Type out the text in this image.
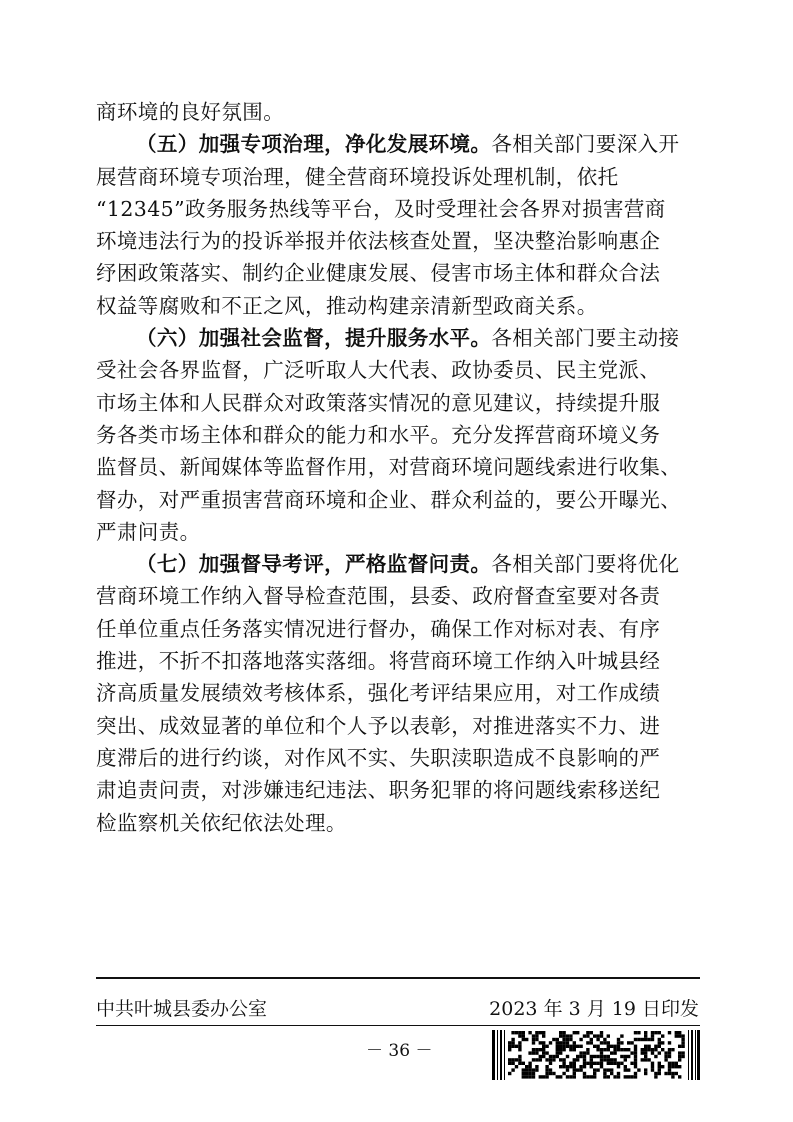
商环境的良好氛围。
（五）加强专项治理，净化发展环境。各相关部门要深入开
展营商环境专项治理，健全营商环境投诉处理机制，依托
“12345”政务服务热线等平台，及时受理社会各界对损害营商
环境违法行为的投诉举报并依法核查处置，坚决整治影响惠企
纾困政策落实、制约企业健康发展、侵害市场主体和群众合法
权益等腐败和不正之风，推动构建亲清新型政商关系。
（六）加强社会监督，提升服务水平。各相关部门要主动接
受社会各界监督，广泛听取人大代表、政协委员、民主党派、
市场主体和人民群众对政策落实情况的意见建议，持续提升服
务各类市场主体和群众的能力和水平。充分发挥营商环境义务
监督员、新闻媒体等监督作用，对营商环境问题线索进行收集、
督办，对严重损害营商环境和企业、群众利益的，要公开曝光、
严肃问责。
（七）加强督导考评，严格监督问责。各相关部门要将优化
营商环境工作纳入督导检查范围，县委、政府督查室要对各责
任单位重点任务落实情况进行督办，确保工作对标对表、有序
推进，不折不扣落地落实落细。将营商环境工作纳入叶城县经
济高质量发展绩效考核体系，强化考评结果应用，对工作成绩
突出、成效显著的单位和个人予以表彰，对推进落实不力、进
度滞后的进行约谈，对作风不实、失职渎职造成不良影响的严
肃追责问责，对涉嫌违纪违法、职务犯罪的将问题线索移送纪
检监察机关依纪依法处理。
中共叶城县委办公室	2023 年 3 月 19 日印发
－ 36 －
